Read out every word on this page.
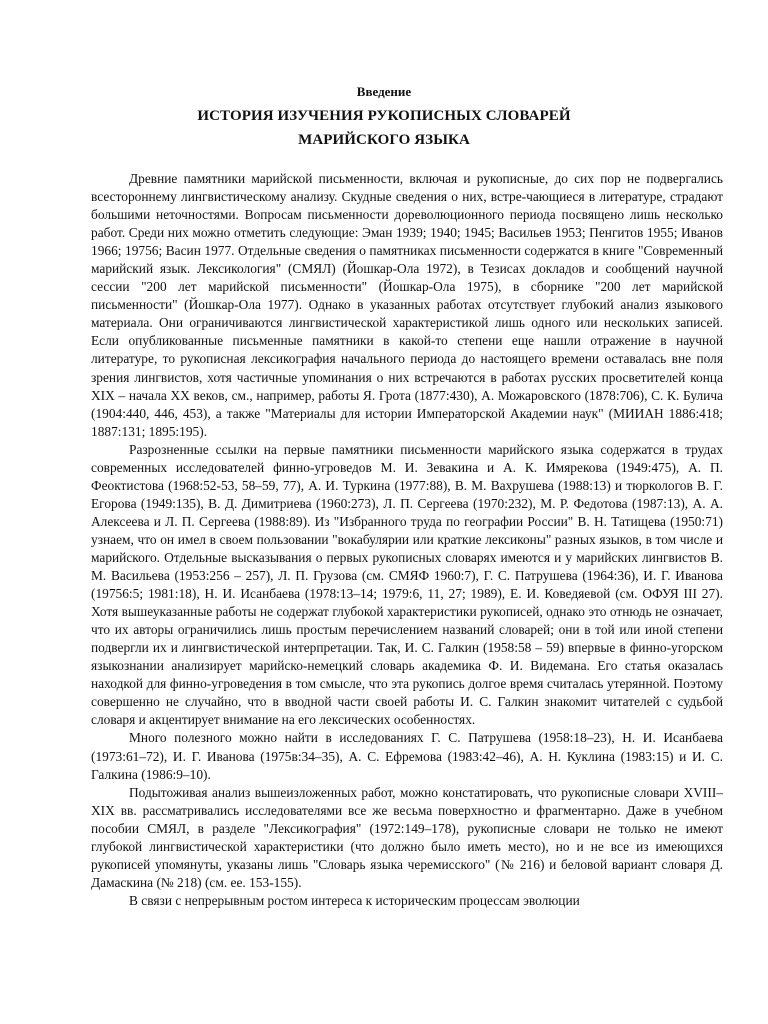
Введение
ИСТОРИЯ ИЗУЧЕНИЯ РУКОПИСНЫХ СЛОВАРЕЙ
МАРИЙСКОГО ЯЗЫКА

Древние памятники марийской письменности, включая и рукописные, до сих пор не подвергались всестороннему лингвистическому анализу. Скудные сведения о них, встре-чающиеся в литературе, страдают большими неточностями. Вопросам письменности дореволюционного периода посвящено лишь несколько работ. Среди них можно отметить следующие: Эман 1939; 1940; 1945; Васильев 1953; Пенгитов 1955; Иванов 1966; 19756; Васин 1977. Отдельные сведения о памятниках письменности содержатся в книге "Современный марийский язык. Лексикология" (СМЯЛ) (Йошкар-Ола 1972), в Тезисах докладов и сообщений научной сессии "200 лет марийской письменности" (Йошкар-Ола 1975), в сборнике "200 лет марийской письменности" (Йошкар-Ола 1977). Однако в указанных работах отсутствует глубокий анализ языкового материала. Они ограничиваются лингвистической характеристикой лишь одного или нескольких записей. Если опубликованные письменные памятники в какой-то степени еще нашли отражение в научной литературе, то рукописная лексикография начального периода до настоящего времени оставалась вне поля зрения лингвистов, хотя частичные упоминания о них встречаются в работах русских просветителей конца XIX – начала XX веков, см., например, работы Я. Грота (1877:430), А. Можаровского (1878:706), С. К. Булича (1904:440, 446, 453), а также "Материалы для истории Императорской Академии наук" (МИИАН 1886:418; 1887:131; 1895:195).

Разрозненные ссылки на первые памятники письменности марийского языка содержатся в трудах современных исследователей финно-угроведов М. И. Зевакина и А. К. Имярекова (1949:475), А. П. Феоктистова (1968:52-53, 58–59, 77), А. И. Туркина (1977:88), В. М. Вахрушева (1988:13) и тюркологов В. Г. Егорова (1949:135), В. Д. Димитриева (1960:273), Л. П. Сергеева (1970:232), М. Р. Федотова (1987:13), А. А. Алексеева и Л. П. Сергеева (1988:89). Из "Избранного труда по географии России" В. Н. Татищева (1950:71) узнаем, что он имел в своем пользовании "вокабулярии или краткие лексиконы" разных языков, в том числе и марийского. Отдельные высказывания о первых рукописных словарях имеются и у марийских лингвистов В. М. Васильева (1953:256 – 257), Л. П. Грузова (см. СМЯФ 1960:7), Г. С. Патрушева (1964:36), И. Г. Иванова (19756:5; 1981:18), Н. И. Исанбаева (1978:13–14; 1979:6, 11, 27; 1989), Е. И. Коведяевой (см. ОФУЯ III 27). Хотя вышеуказанные работы не содержат глубокой характеристики рукописей, однако это отнюдь не означает, что их авторы ограничились лишь простым перечислением названий словарей; они в той или иной степени подвергли их и лингвистической интерпретации. Так, И. С. Галкин (1958:58 – 59) впервые в финно-угорском языкознании анализирует марийско-немецкий словарь академика Ф. И. Видемана. Его статья оказалась находкой для финно-угроведения в том смысле, что эта рукопись долгое время считалась утерянной. Поэтому совершенно не случайно, что в вводной части своей работы И. С. Галкин знакомит читателей с судьбой словаря и акцентирует внимание на его лексических особенностях.

Много полезного можно найти в исследованиях Г. С. Патрушева (1958:18–23), Н. И. Исанбаева (1973:61–72), И. Г. Иванова (1975в:34–35), А. С. Ефремова (1983:42–46), А. Н. Куклина (1983:15) и И. С. Галкина (1986:9–10).

Подытоживая анализ вышеизложенных работ, можно констатировать, что рукописные словари XVIII–XIX вв. рассматривались исследователями все же весьма поверхностно и фрагментарно. Даже в учебном пособии СМЯЛ, в разделе "Лексикография" (1972:149–178), рукописные словари не только не имеют глубокой лингвистической характеристики (что должно было иметь место), но и не все из имеющихся рукописей упомянуты, указаны лишь "Словарь языка черемисского" (№ 216) и беловой вариант словаря Д. Дамаскина (№ 218) (см. ее. 153-155).

В связи с непрерывным ростом интереса к историческим процессам эволюции
